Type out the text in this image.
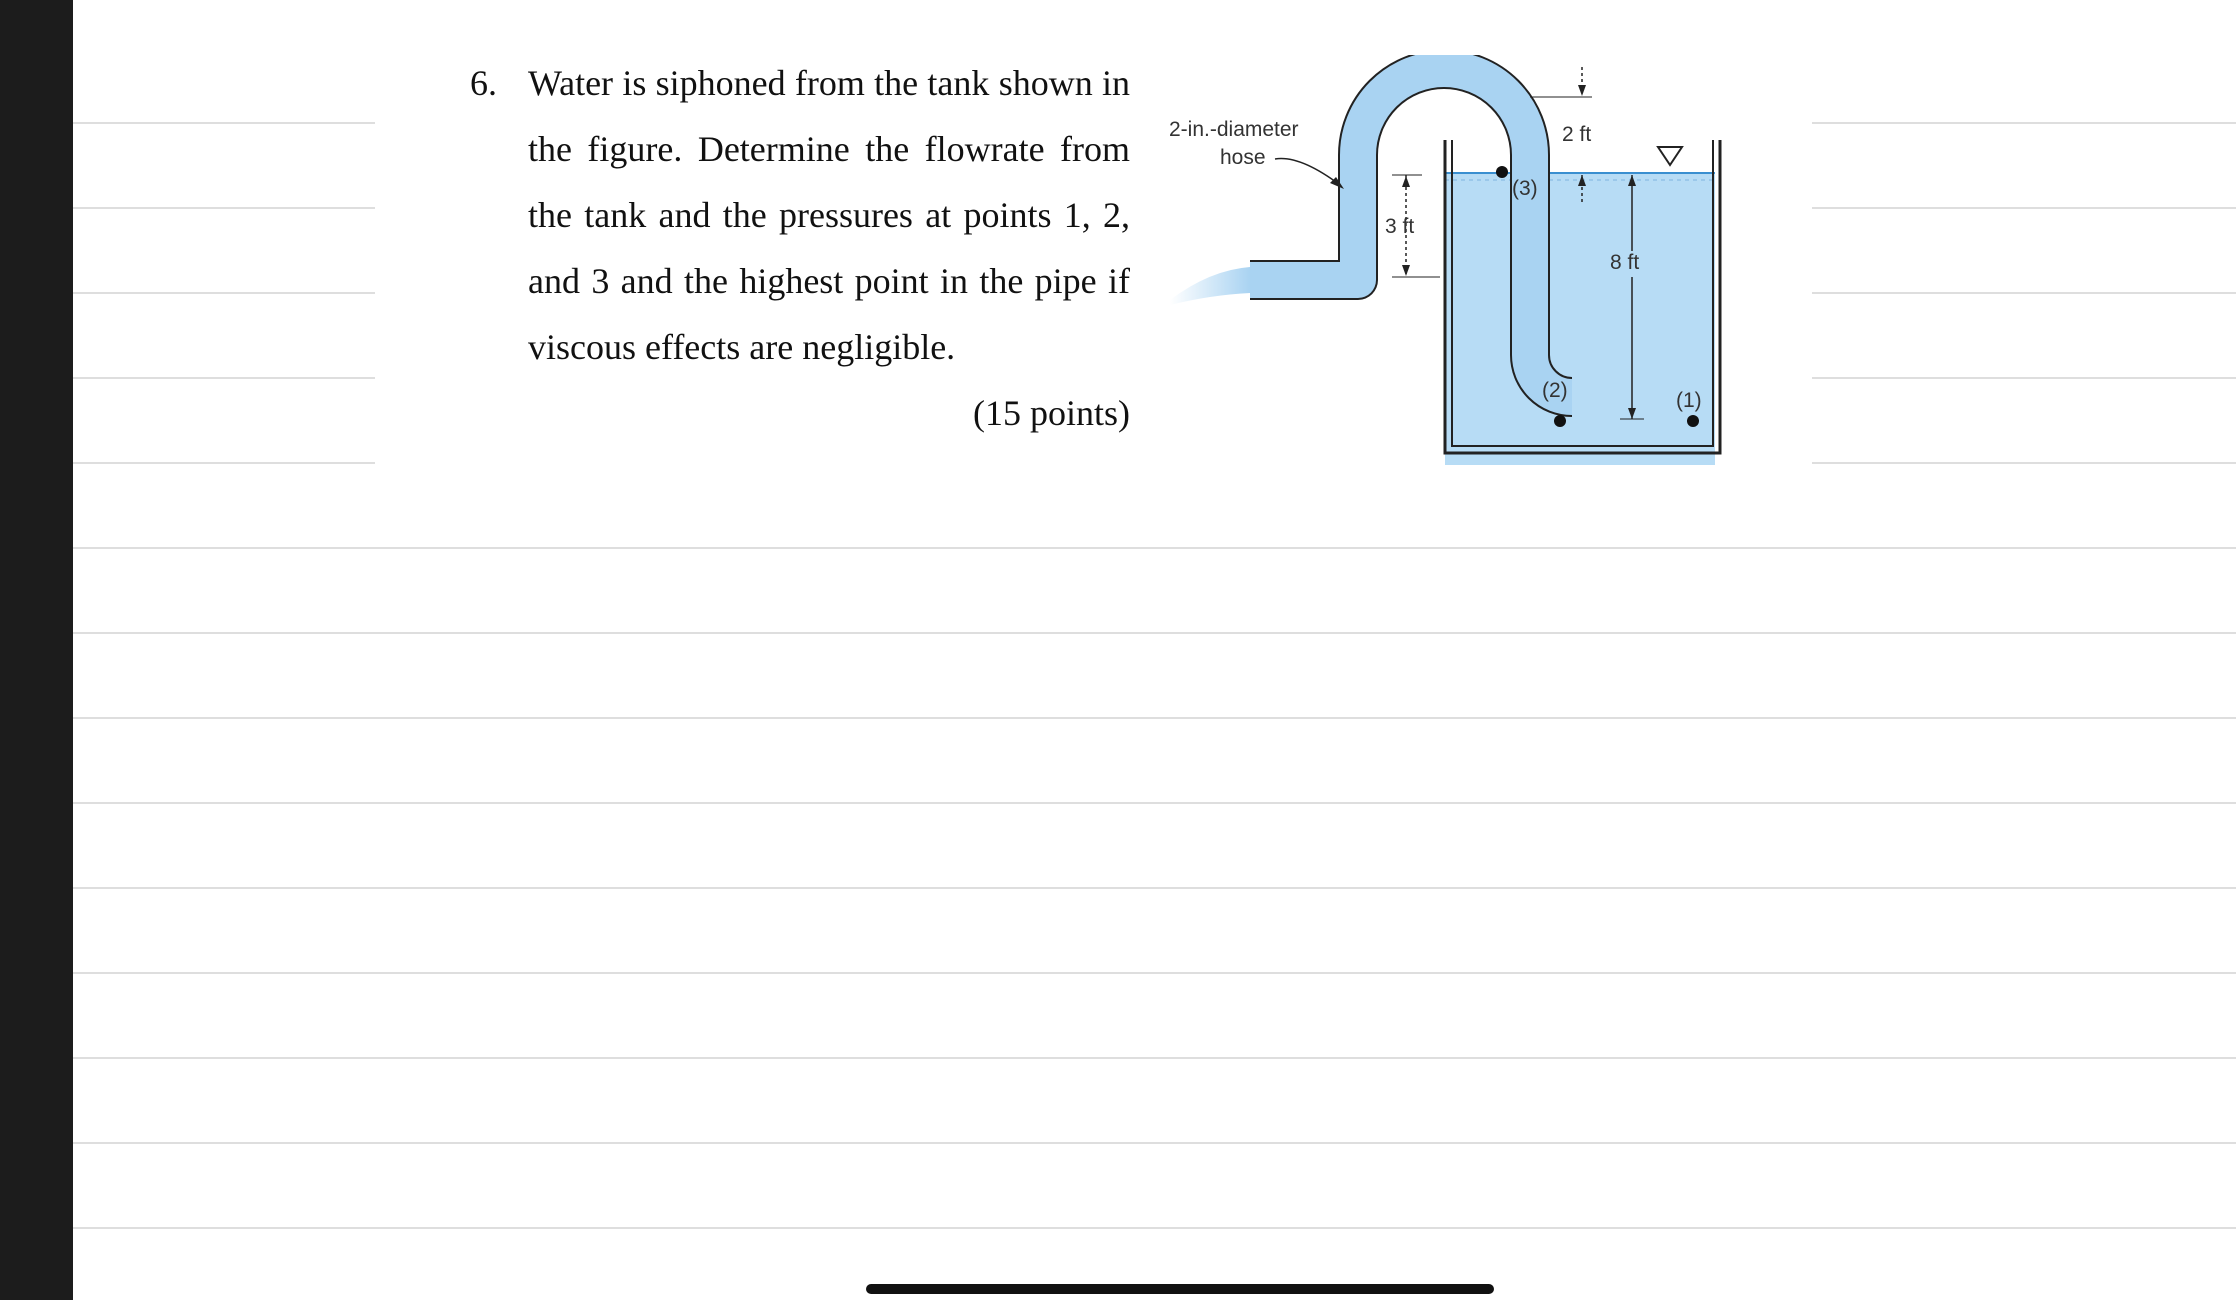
6. Water is siphoned from the tank shown in the figure. Determine the flowrate from the tank and the pressures at points 1, 2, and 3 and the highest point in the pipe if viscous effects are negligible.
(15 points)
3 ft
2 ft
8 ft
(3)
(2)	(1)
2-in.-diameter
hose
